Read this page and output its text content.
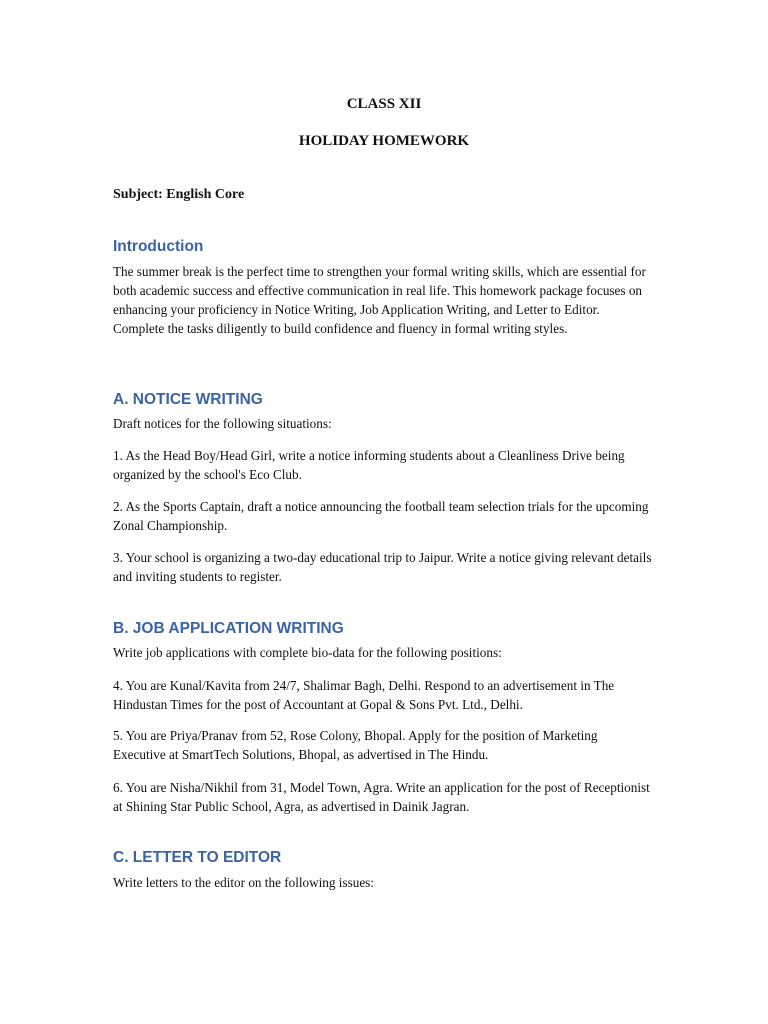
CLASS XII
HOLIDAY HOMEWORK
Subject: English Core
Introduction
The summer break is the perfect time to strengthen your formal writing skills, which are essential for both academic success and effective communication in real life. This homework package focuses on enhancing your proficiency in Notice Writing, Job Application Writing, and Letter to Editor. Complete the tasks diligently to build confidence and fluency in formal writing styles.
A. NOTICE WRITING
Draft notices for the following situations:
1. As the Head Boy/Head Girl, write a notice informing students about a Cleanliness Drive being organized by the school's Eco Club.
2. As the Sports Captain, draft a notice announcing the football team selection trials for the upcoming Zonal Championship.
3. Your school is organizing a two-day educational trip to Jaipur. Write a notice giving relevant details and inviting students to register.
B. JOB APPLICATION WRITING
Write job applications with complete bio-data for the following positions:
4. You are Kunal/Kavita from 24/7, Shalimar Bagh, Delhi. Respond to an advertisement in The Hindustan Times for the post of Accountant at Gopal & Sons Pvt. Ltd., Delhi.
5. You are Priya/Pranav from 52, Rose Colony, Bhopal. Apply for the position of Marketing Executive at SmartTech Solutions, Bhopal, as advertised in The Hindu.
6. You are Nisha/Nikhil from 31, Model Town, Agra. Write an application for the post of Receptionist at Shining Star Public School, Agra, as advertised in Dainik Jagran.
C. LETTER TO EDITOR
Write letters to the editor on the following issues:
